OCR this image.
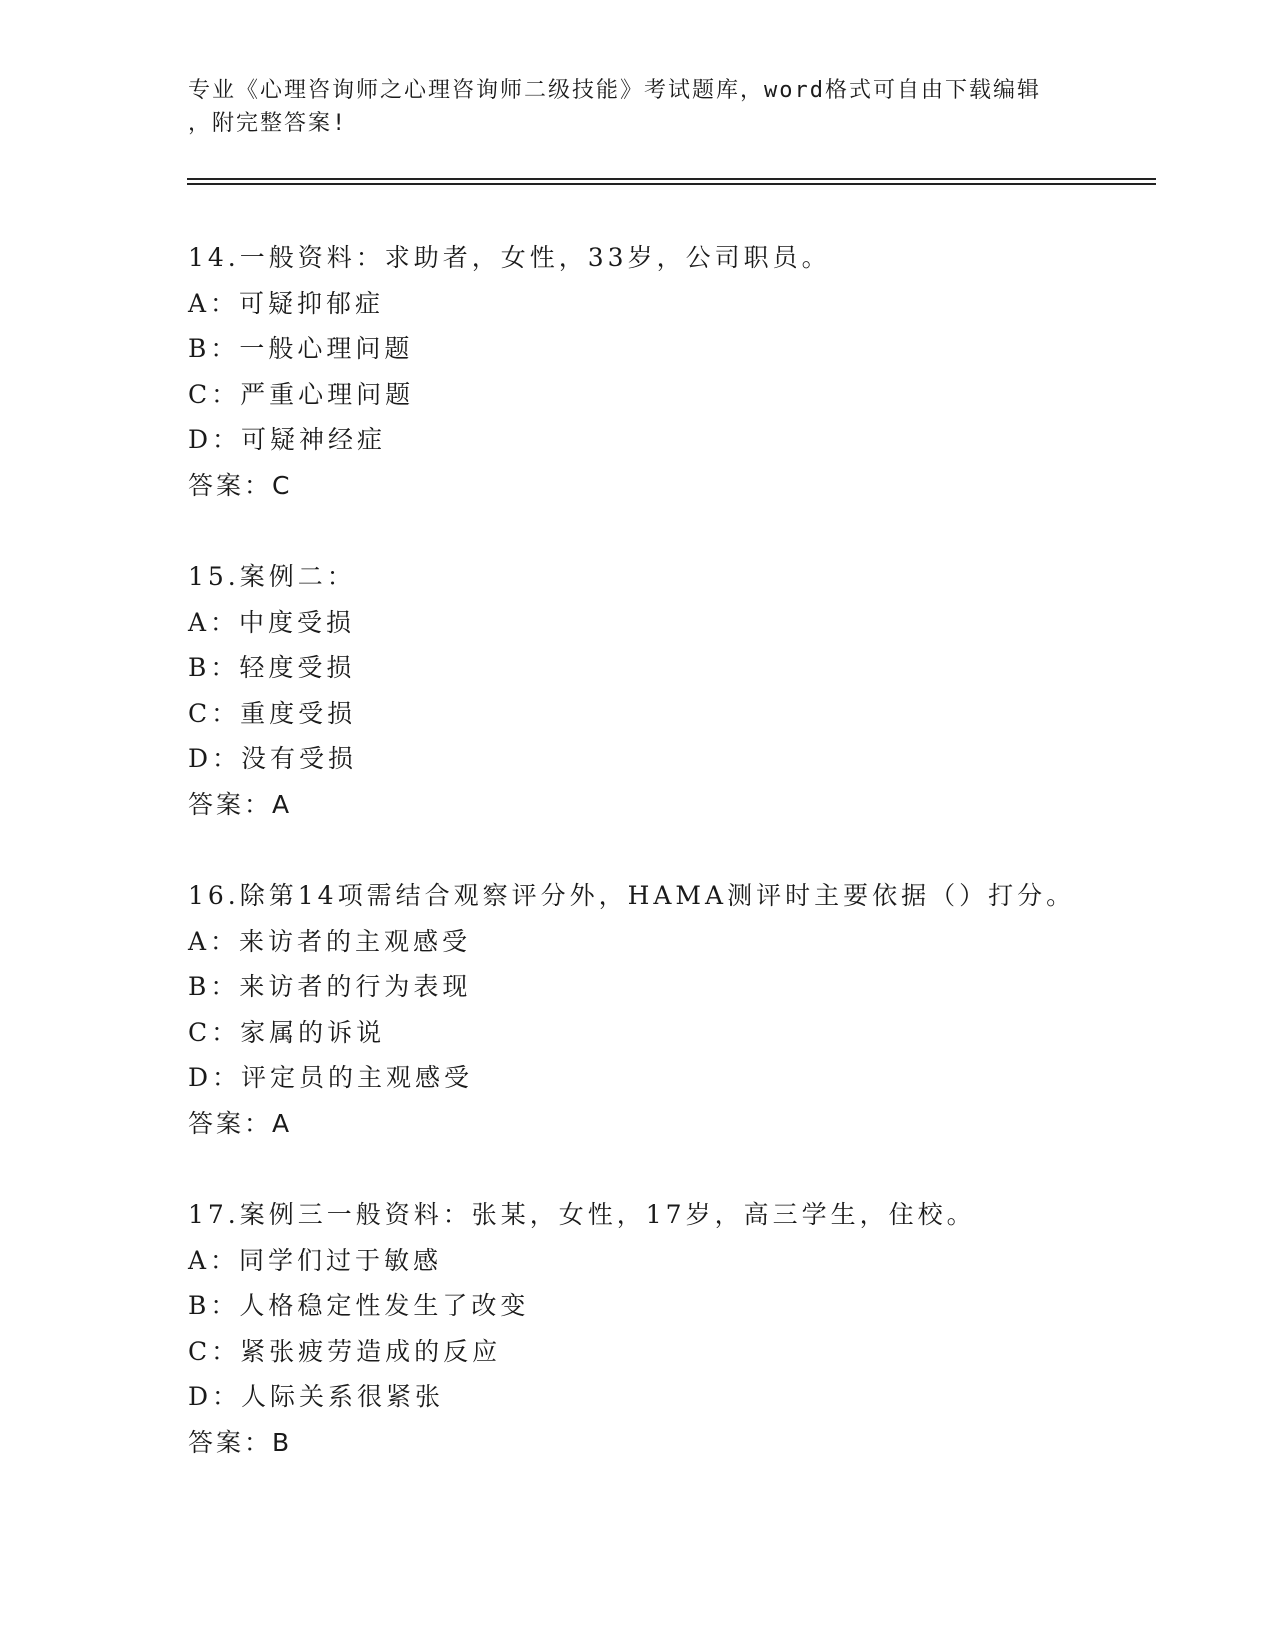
专业《心理咨询师之心理咨询师二级技能》考试题库，word格式可自由下载编辑
，附完整答案!
14.一般资料：求助者，女性，33岁，公司职员。
A：可疑抑郁症
B：一般心理问题
C：严重心理问题
D：可疑神经症
答案：C
15.案例二：
A：中度受损
B：轻度受损
C：重度受损
D：没有受损
答案：A
16.除第14项需结合观察评分外，HAMA测评时主要依据（）打分。
A：来访者的主观感受
B：来访者的行为表现
C：家属的诉说
D：评定员的主观感受
答案：A
17.案例三一般资料：张某，女性，17岁，高三学生，住校。
A：同学们过于敏感
B：人格稳定性发生了改变
C：紧张疲劳造成的反应
D：人际关系很紧张
答案：B
